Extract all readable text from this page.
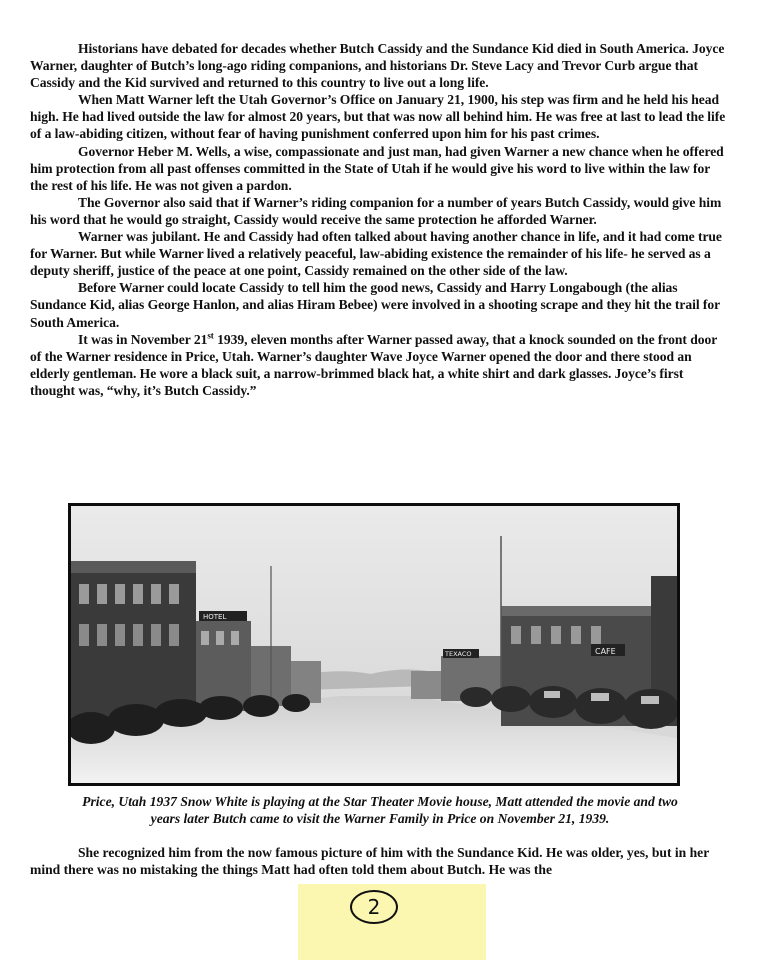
Historians have debated for decades whether Butch Cassidy and the Sundance Kid died in South America. Joyce Warner, daughter of Butch’s long-ago riding companions, and historians Dr. Steve Lacy and Trevor Curb argue that Cassidy and the Kid survived and returned to this country to live out a long life.

When Matt Warner left the Utah Governor’s Office on January 21, 1900, his step was firm and he held his head high. He had lived outside the law for almost 20 years, but that was now all behind him. He was free at last to lead the life of a law-abiding citizen, without fear of having punishment conferred upon him for his past crimes.

Governor Heber M. Wells, a wise, compassionate and just man, had given Warner a new chance when he offered him protection from all past offenses committed in the State of Utah if he would give his word to live within the law for the rest of his life. He was not given a pardon.

The Governor also said that if Warner’s riding companion for a number of years Butch Cassidy, would give him his word that he would go straight, Cassidy would receive the same protection he afforded Warner.

Warner was jubilant. He and Cassidy had often talked about having another chance in life, and it had come true for Warner. But while Warner lived a relatively peaceful, law-abiding existence the remainder of his life- he served as a deputy sheriff, justice of the peace at one point, Cassidy remained on the other side of the law.

Before Warner could locate Cassidy to tell him the good news, Cassidy and Harry Longabough (the alias Sundance Kid, alias George Hanlon, and alias Hiram Bebee) were involved in a shooting scrape and they hit the trail for South America.

It was in November 21st 1939, eleven months after Warner passed away, that a knock sounded on the front door of the Warner residence in Price, Utah. Warner’s daughter Wave Joyce Warner opened the door and there stood an elderly gentleman. He wore a black suit, a narrow-brimmed black hat, a white shirt and dark glasses. Joyce’s first thought was, “why, it’s Butch Cassidy.”

HOTEL
TEXACO	CAFE
Price, Utah 1937 Snow White is playing at the Star Theater Movie house, Matt attended the movie and two
years later Butch came to visit the Warner Family in Price on November 21, 1939.

She recognized him from the now famous picture of him with the Sundance Kid. He was older, yes, but in her mind there was no mistaking the things Matt had often told them about Butch. He was the

2
